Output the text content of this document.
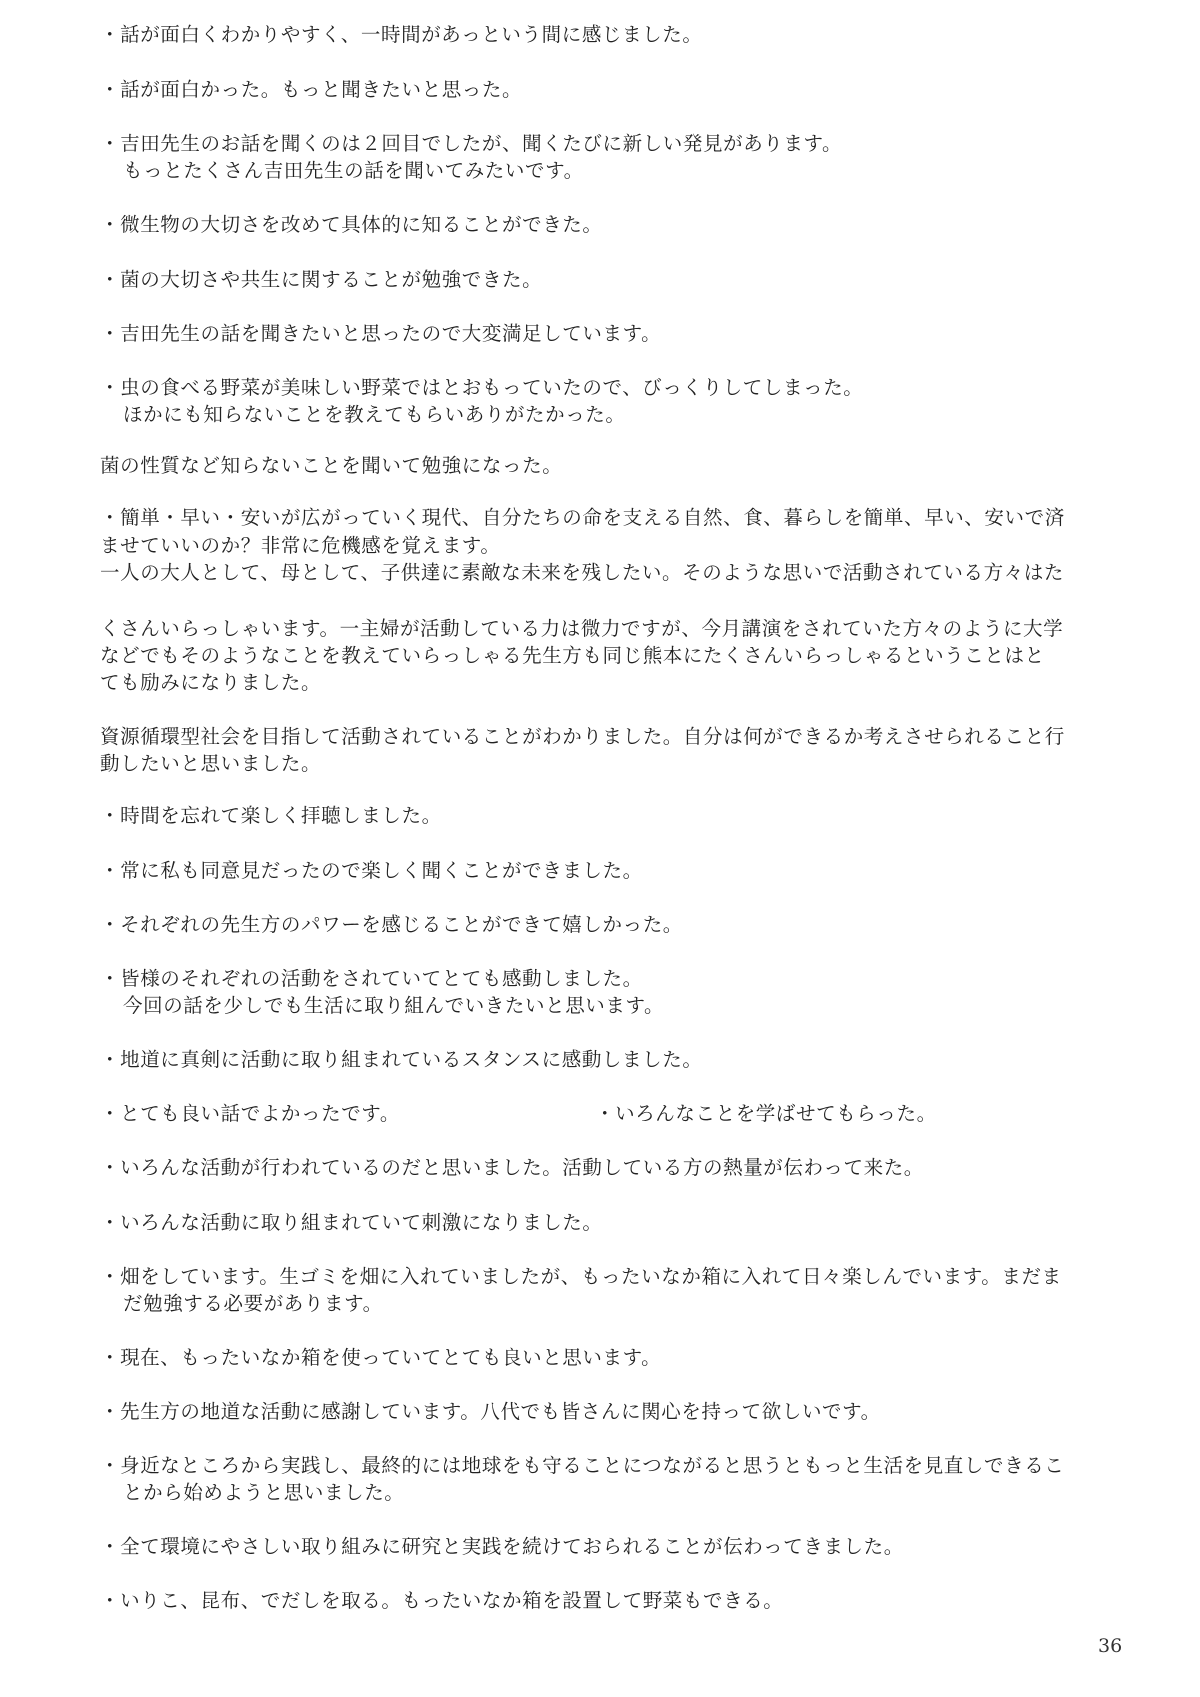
・話が面白くわかりやすく、一時間があっという間に感じました。
・話が面白かった。もっと聞きたいと思った。
・吉田先生のお話を聞くのは２回目でしたが、聞くたびに新しい発見があります。
もっとたくさん吉田先生の話を聞いてみたいです。
・微生物の大切さを改めて具体的に知ることができた。
・菌の大切さや共生に関することが勉強できた。
・吉田先生の話を聞きたいと思ったので大変満足しています。
・虫の食べる野菜が美味しい野菜ではとおもっていたので、びっくりしてしまった。
ほかにも知らないことを教えてもらいありがたかった。
菌の性質など知らないことを聞いて勉強になった。
・簡単・早い・安いが広がっていく現代、自分たちの命を支える自然、食、暮らしを簡単、早い、安いで済
ませていいのか？非常に危機感を覚えます。
一人の大人として、母として、子供達に素敵な未来を残したい。そのような思いで活動されている方々はた
くさんいらっしゃいます。一主婦が活動している力は微力ですが、今月講演をされていた方々のように大学
などでもそのようなことを教えていらっしゃる先生方も同じ熊本にたくさんいらっしゃるということはと
ても励みになりました。
資源循環型社会を目指して活動されていることがわかりました。自分は何ができるか考えさせられること行
動したいと思いました。
・時間を忘れて楽しく拝聴しました。
・常に私も同意見だったので楽しく聞くことができました。
・それぞれの先生方のパワーを感じることができて嬉しかった。
・皆様のそれぞれの活動をされていてとても感動しました。
今回の話を少しでも生活に取り組んでいきたいと思います。
・地道に真剣に活動に取り組まれているスタンスに感動しました。
・とても良い話でよかったです。	・いろんなことを学ばせてもらった。
・いろんな活動が行われているのだと思いました。活動している方の熱量が伝わって来た。
・いろんな活動に取り組まれていて刺激になりました。
・畑をしています。生ゴミを畑に入れていましたが、もったいなか箱に入れて日々楽しんでいます。まだま
だ勉強する必要があります。
・現在、もったいなか箱を使っていてとても良いと思います。
・先生方の地道な活動に感謝しています。八代でも皆さんに関心を持って欲しいです。
・身近なところから実践し、最終的には地球をも守ることにつながると思うともっと生活を見直しできるこ
とから始めようと思いました。
・全て環境にやさしい取り組みに研究と実践を続けておられることが伝わってきました。
・いりこ、昆布、でだしを取る。もったいなか箱を設置して野菜もできる。
36
